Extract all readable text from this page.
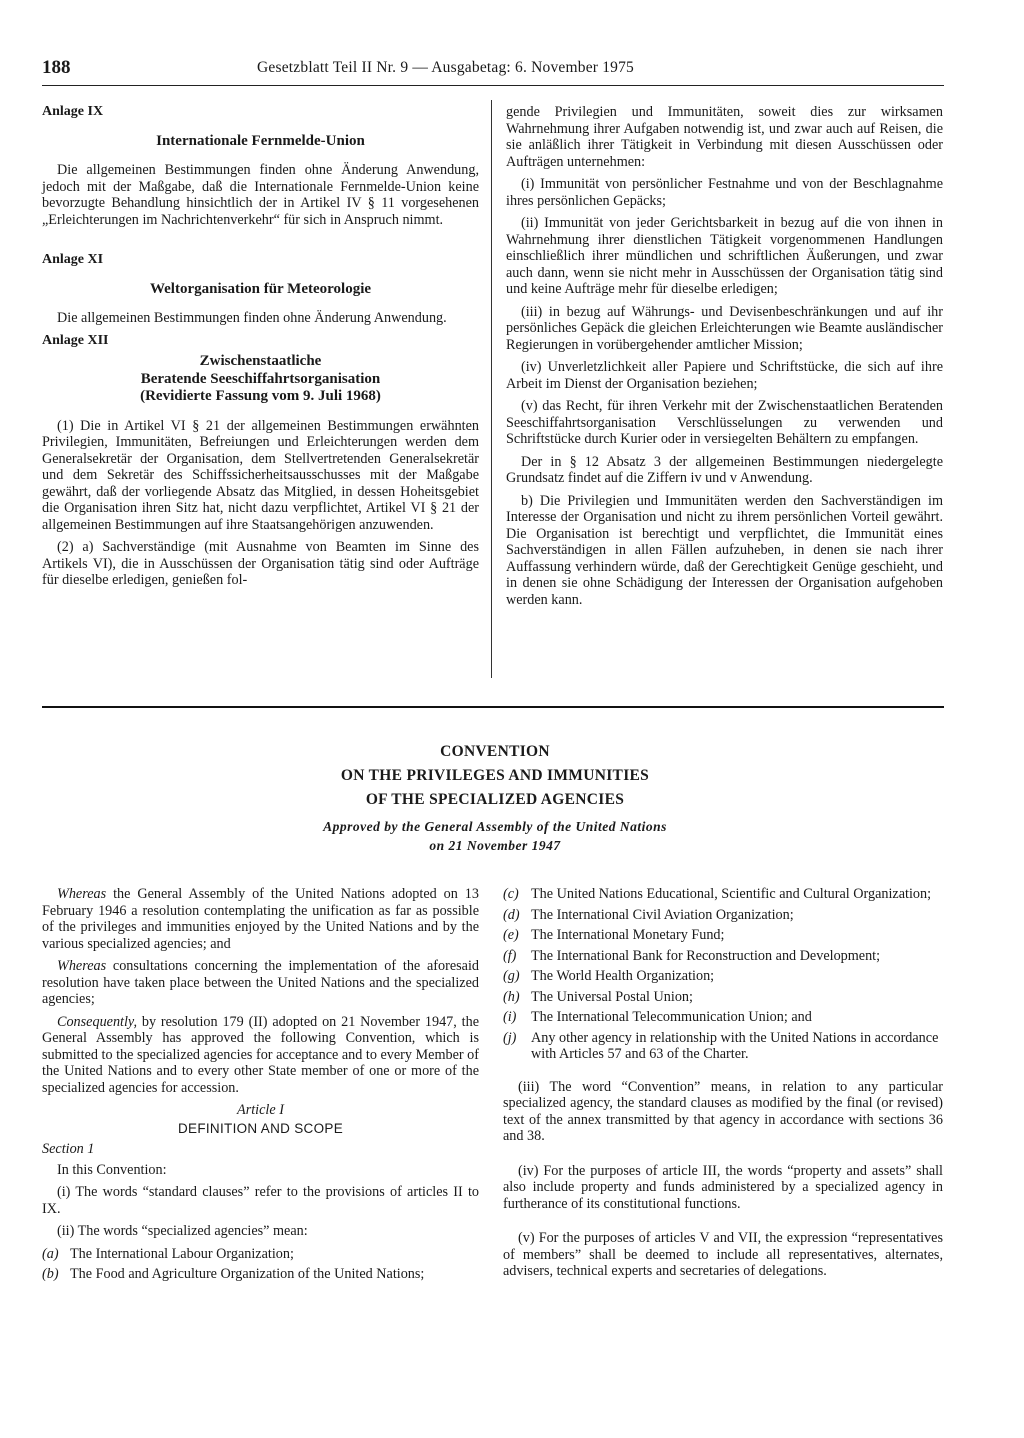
188	Gesetzblatt Teil II Nr. 9 — Ausgabetag: 6. November 1975
Anlage IX
Internationale Fernmelde-Union

Die allgemeinen Bestimmungen finden ohne Änderung Anwendung, jedoch mit der Maßgabe, daß die Internationale Fernmelde-Union keine bevorzugte Behandlung hinsichtlich der in Artikel IV § 11 vorgesehenen „Erleichterungen im Nachrichtenverkehr“ für sich in Anspruch nimmt.

Anlage XI
Weltorganisation für Meteorologie

Die allgemeinen Bestimmungen finden ohne Änderung Anwendung.

Anlage XII
Zwischenstaatliche
Beratende Seeschiffahrtsorganisation
(Revidierte Fassung vom 9. Juli 1968)

(1) Die in Artikel VI § 21 der allgemeinen Bestimmungen erwähnten Privilegien, Immunitäten, Befreiungen und Erleichterungen werden dem Generalsekretär der Organisation, dem Stellvertretenden Generalsekretär und dem Sekretär des Schiffssicherheitsausschusses mit der Maßgabe gewährt, daß der vorliegende Absatz das Mitglied, in dessen Hoheitsgebiet die Organisation ihren Sitz hat, nicht dazu verpflichtet, Artikel VI § 21 der allgemeinen Bestimmungen auf ihre Staatsangehörigen anzuwenden.

(2) a) Sachverständige (mit Ausnahme von Beamten im Sinne des Artikels VI), die in Ausschüssen der Organisation tätig sind oder Aufträge für dieselbe erledigen, genießen fol-

gende Privilegien und Immunitäten, soweit dies zur wirksamen Wahrnehmung ihrer Aufgaben notwendig ist, und zwar auch auf Reisen, die sie anläßlich ihrer Tätigkeit in Verbindung mit diesen Ausschüssen oder Aufträgen unternehmen:

(i) Immunität von persönlicher Festnahme und von der Beschlagnahme ihres persönlichen Gepäcks;

(ii) Immunität von jeder Gerichtsbarkeit in bezug auf die von ihnen in Wahrnehmung ihrer dienstlichen Tätigkeit vorgenommenen Handlungen einschließlich ihrer mündlichen und schriftlichen Äußerungen, und zwar auch dann, wenn sie nicht mehr in Ausschüssen der Organisation tätig sind und keine Aufträge mehr für dieselbe erledigen;

(iii) in bezug auf Währungs- und Devisenbeschränkungen und auf ihr persönliches Gepäck die gleichen Erleichterungen wie Beamte ausländischer Regierungen in vorübergehender amtlicher Mission;

(iv) Unverletzlichkeit aller Papiere und Schriftstücke, die sich auf ihre Arbeit im Dienst der Organisation beziehen;

(v) das Recht, für ihren Verkehr mit der Zwischenstaatlichen Beratenden Seeschiffahrtsorganisation Verschlüsselungen zu verwenden und Schriftstücke durch Kurier oder in versiegelten Behältern zu empfangen.

Der in § 12 Absatz 3 der allgemeinen Bestimmungen niedergelegte Grundsatz findet auf die Ziffern iv und v Anwendung.

b) Die Privilegien und Immunitäten werden den Sachverständigen im Interesse der Organisation und nicht zu ihrem persönlichen Vorteil gewährt. Die Organisation ist berechtigt und verpflichtet, die Immunität eines Sachverständigen in allen Fällen aufzuheben, in denen sie nach ihrer Auffassung verhindern würde, daß der Gerechtigkeit Genüge geschieht, und in denen sie ohne Schädigung der Interessen der Organisation aufgehoben werden kann.

CONVENTION
ON THE PRIVILEGES AND IMMUNITIES
OF THE SPECIALIZED AGENCIES
Approved by the General Assembly of the United Nations
on 21 November 1947

Whereas the General Assembly of the United Nations adopted on 13 February 1946 a resolution contemplating the unification as far as possible of the privileges and immunities enjoyed by the United Nations and by the various specialized agencies; and

Whereas consultations concerning the implementation of the aforesaid resolution have taken place between the United Nations and the specialized agencies;

Consequently, by resolution 179 (II) adopted on 21 November 1947, the General Assembly has approved the following Convention, which is submitted to the specialized agencies for acceptance and to every Member of the United Nations and to every other State member of one or more of the specialized agencies for accession.

Article I

DEFINITION AND SCOPE

Section 1

In this Convention:

(i) The words “standard clauses” refer to the provisions of articles II to IX.

(ii) The words “specialized agencies” mean:

(a) The International Labour Organization;
(b) The Food and Agriculture Organization of the United Nations;
(c) The United Nations Educational, Scientific and Cultural Organization;
(d) The International Civil Aviation Organization;
(e) The International Monetary Fund;
(f)	The International Bank for Reconstruction and Development;
(g) The World Health Organization;
(h) The Universal Postal Union;
(i)	The International Telecommunication Union; and
(j)	Any other agency in relationship with the United Nations in accordance with Articles 57 and 63 of the Charter.

(iii) The word “Convention” means, in relation to any particular specialized agency, the standard clauses as modified by the final (or revised) text of the annex transmitted by that agency in accordance with sections 36 and 38.

(iv) For the purposes of article III, the words “property and assets” shall also include property and funds administered by a specialized agency in furtherance of its constitutional functions.

(v) For the purposes of articles V and VII, the expression “representatives of members” shall be deemed to include all representatives, alternates, advisers, technical experts and secretaries of delegations.
